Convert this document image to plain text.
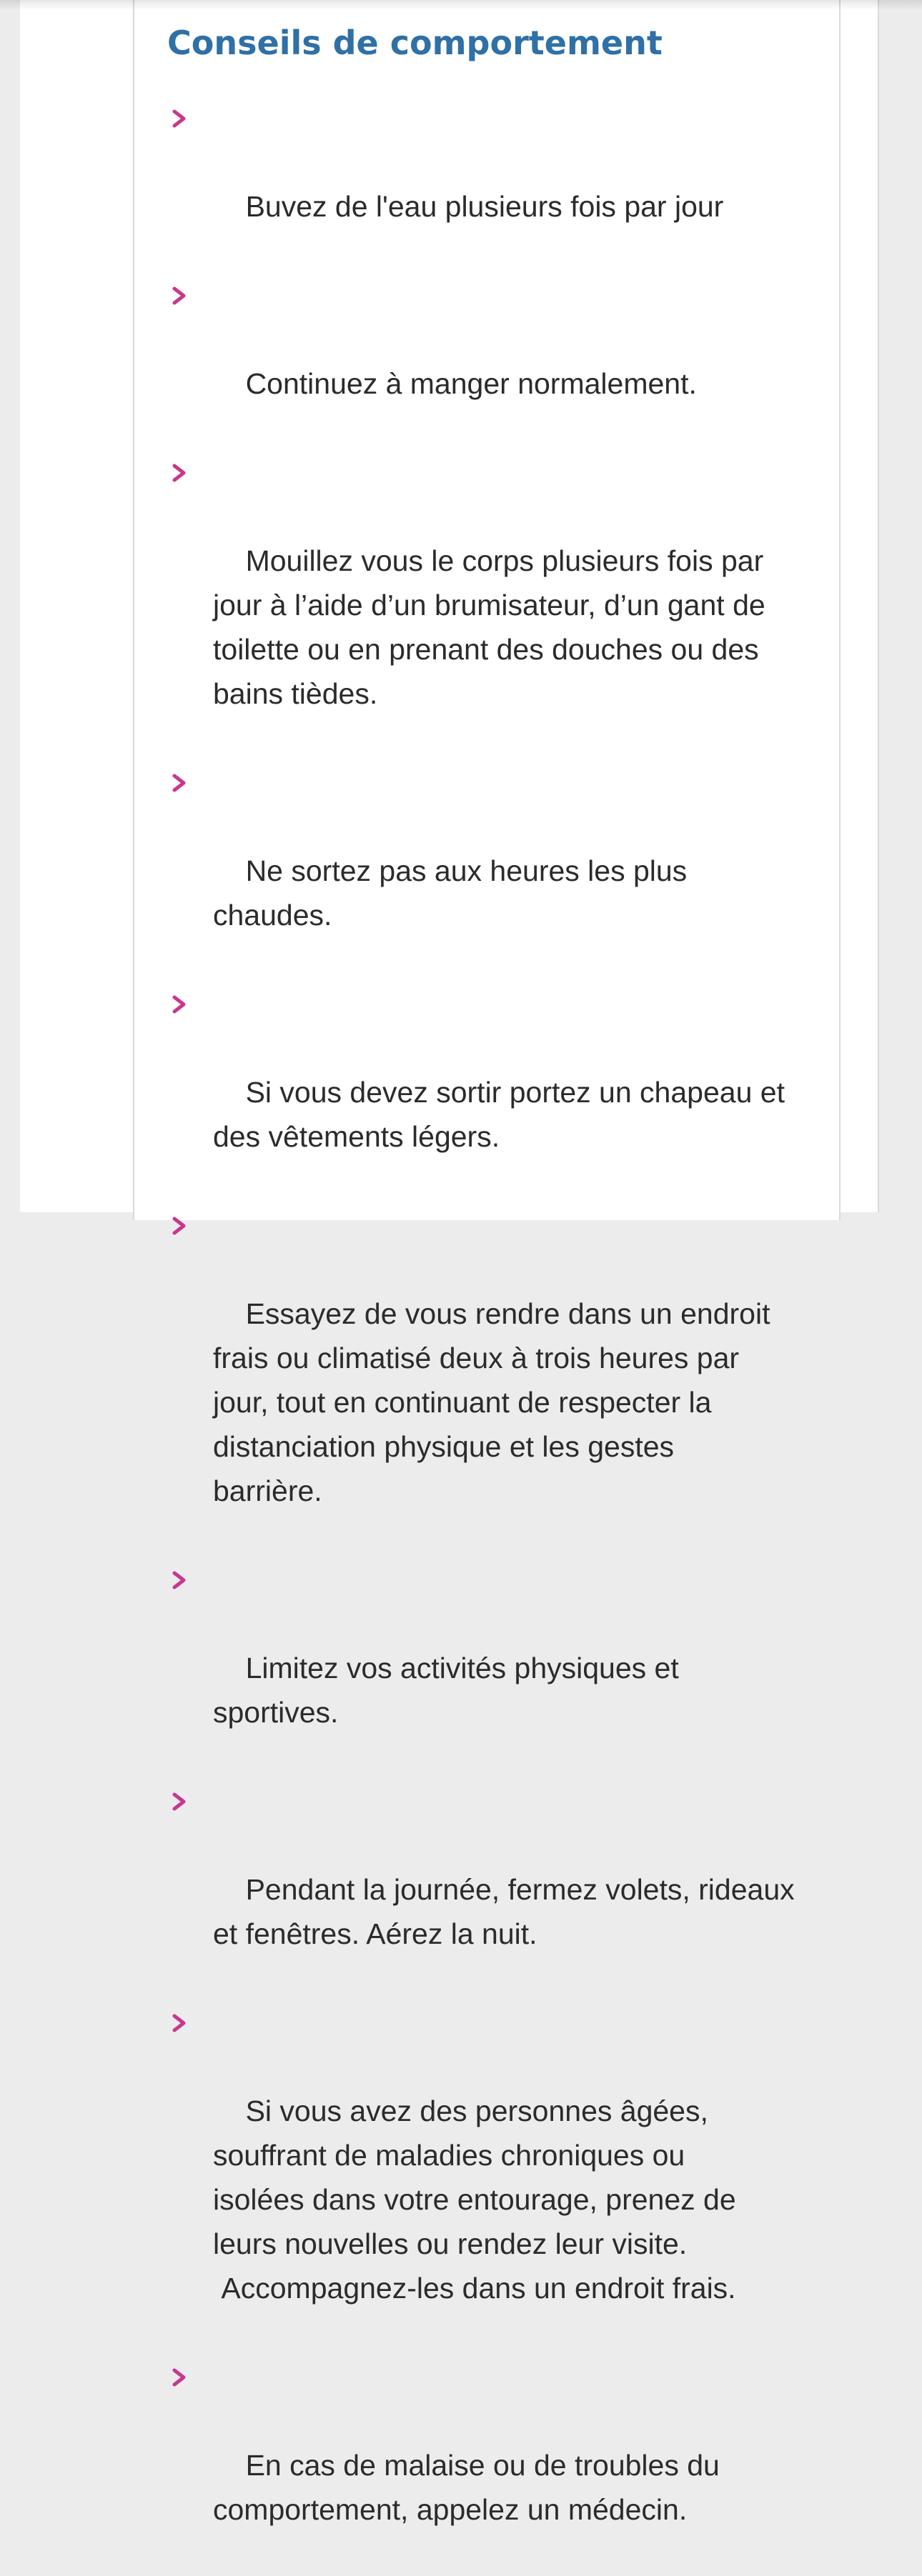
Conseils de comportement

Buvez de l'eau plusieurs fois par jour

Continuez à manger normalement.

Mouillez vous le corps plusieurs fois par
jour à l’aide d’un brumisateur, d’un gant de
toilette ou en prenant des douches ou des
bains tièdes.

Ne sortez pas aux heures les plus chaudes.

Si vous devez sortir portez un chapeau et
des vêtements légers.

Essayez de vous rendre dans un endroit
frais ou climatisé deux à trois heures par
jour, tout en continuant de respecter la
distanciation physique et les gestes
barrière.

Limitez vos activités physiques et
sportives.

Pendant la journée, fermez volets, rideaux
et fenêtres. Aérez la nuit.

Si vous avez des personnes âgées,
souffrant de maladies chroniques ou
isolées dans votre entourage, prenez de
leurs nouvelles ou rendez leur visite.
Accompagnez-les dans un endroit frais.

En cas de malaise ou de troubles du
comportement, appelez un médecin.
